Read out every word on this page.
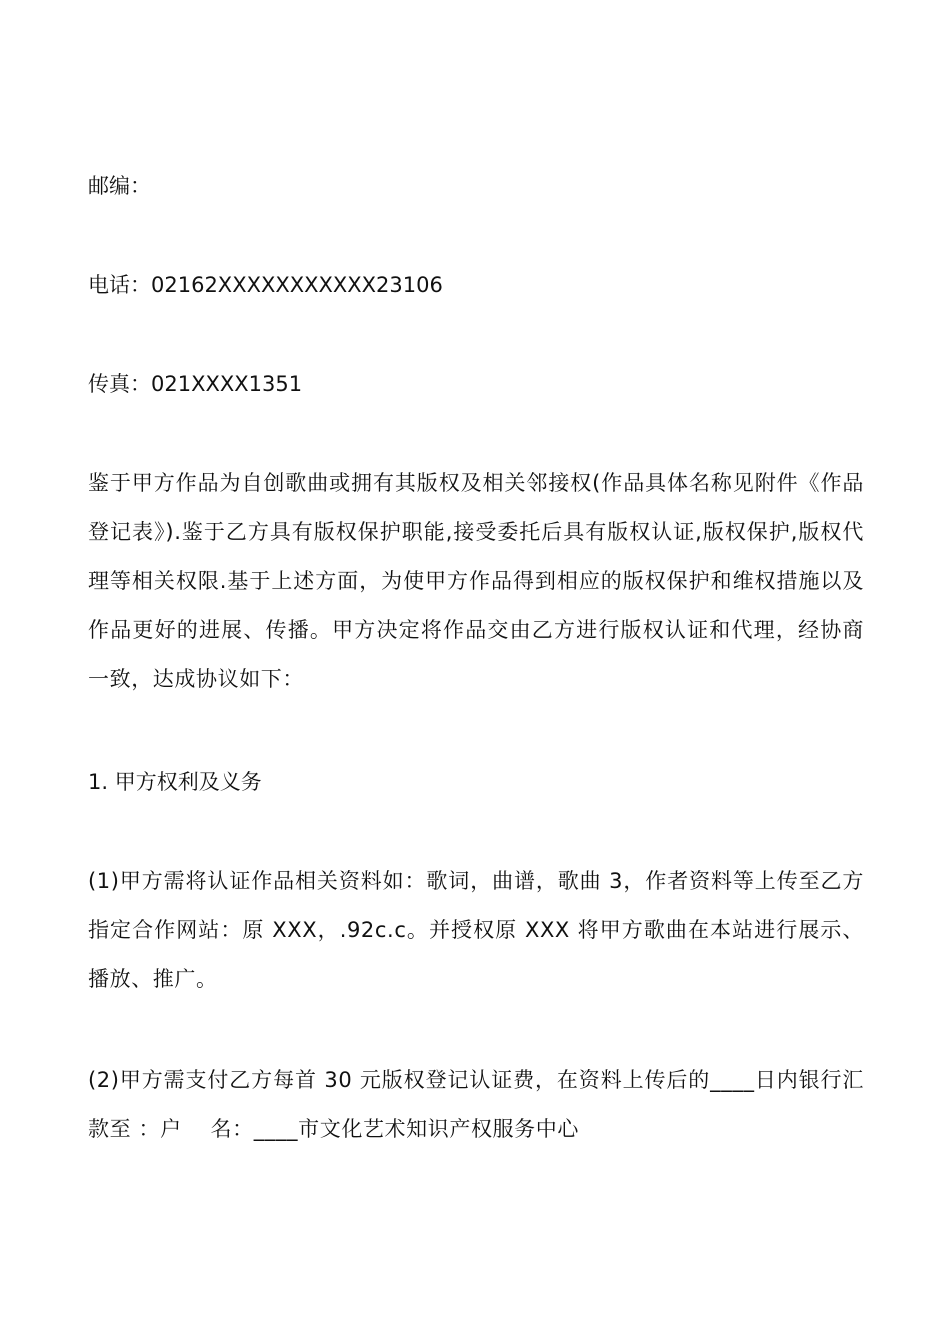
邮编：
电话：02162XXXXXXXXXXX23106
传真：021XXXX1351
鉴于甲方作品为自创歌曲或拥有其版权及相关邻接权(作品具体名称见附件《作品登记表》).鉴于乙方具有版权保护职能,接受委托后具有版权认证,版权保护,版权代理等相关权限.基于上述方面，为使甲方作品得到相应的版权保护和维权措施以及作品更好的进展、传播。甲方决定将作品交由乙方进行版权认证和代理，经协商一致，达成协议如下：
1. 甲方权利及义务
(1)甲方需将认证作品相关资料如：歌词，曲谱，歌曲 3，作者资料等上传至乙方指定合作网站：原 XXX，.92c.c。并授权原 XXX 将甲方歌曲在本站进行展示、播放、推广。
(2)甲方需支付乙方每首 30 元版权登记认证费，在资料上传后的____日内银行汇款至 ：户　 名：____市文化艺术知识产权服务中心
